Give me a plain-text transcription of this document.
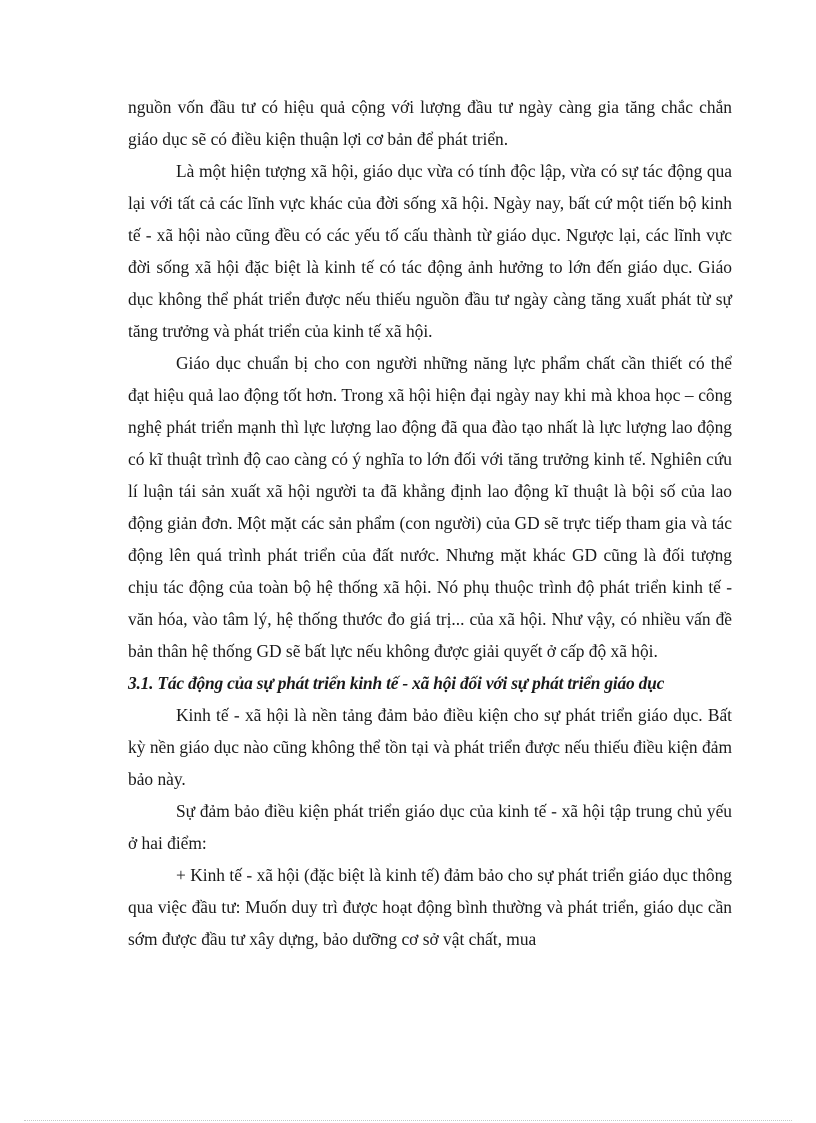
nguồn vốn đầu tư có hiệu quả cộng với lượng đầu tư ngày càng gia tăng chắc chắn giáo dục sẽ có điều kiện thuận lợi cơ bản để phát triển.

Là một hiện tượng xã hội, giáo dục vừa có tính độc lập, vừa có sự tác động qua lại với tất cả các lĩnh vực khác của đời sống xã hội. Ngày nay, bất cứ một tiến bộ kinh tế - xã hội nào cũng đều có các yếu tố cấu thành từ giáo dục. Ngược lại, các lĩnh vực đời sống xã hội đặc biệt là kinh tế có tác động ảnh hưởng to lớn đến giáo dục. Giáo dục không thể phát triển được nếu thiếu nguồn đầu tư ngày càng tăng xuất phát từ sự tăng trưởng và phát triển của kinh tế xã hội.

Giáo dục chuẩn bị cho con người những năng lực phẩm chất cần thiết có thể đạt hiệu quả lao động tốt hơn. Trong xã hội hiện đại ngày nay khi mà khoa học – công nghệ phát triển mạnh thì lực lượng lao động đã qua đào tạo nhất là lực lượng lao động có kĩ thuật trình độ cao càng có ý nghĩa to lớn đối với tăng trưởng kinh tế. Nghiên cứu lí luận tái sản xuất xã hội người ta đã khẳng định lao động kĩ thuật là bội số của lao động giản đơn. Một mặt các sản phẩm (con người) của GD sẽ trực tiếp tham gia và tác động lên quá trình phát triển của đất nước. Nhưng mặt khác GD cũng là đối tượng chịu tác động của toàn bộ hệ thống xã hội. Nó phụ thuộc trình độ phát triển kinh tế - văn hóa, vào tâm lý, hệ thống thước đo giá trị... của xã hội. Như vậy, có nhiều vấn đề bản thân hệ thống GD sẽ bất lực nếu không được giải quyết ở cấp độ xã hội.

3.1. Tác động của sự phát triển kinh tế - xã hội đối với sự phát triển giáo dục

Kinh tế - xã hội là nền tảng đảm bảo điều kiện cho sự phát triển giáo dục. Bất kỳ nền giáo dục nào cũng không thể tồn tại và phát triển được nếu thiếu điều kiện đảm bảo này.

Sự đảm bảo điều kiện phát triển giáo dục của kinh tế - xã hội tập trung chủ yếu ở hai điểm:

+ Kinh tế - xã hội (đặc biệt là kinh tế) đảm bảo cho sự phát triển giáo dục thông qua việc đầu tư: Muốn duy trì được hoạt động bình thường và phát triển, giáo dục cần sớm được đầu tư xây dựng, bảo dưỡng cơ sở vật chất, mua
